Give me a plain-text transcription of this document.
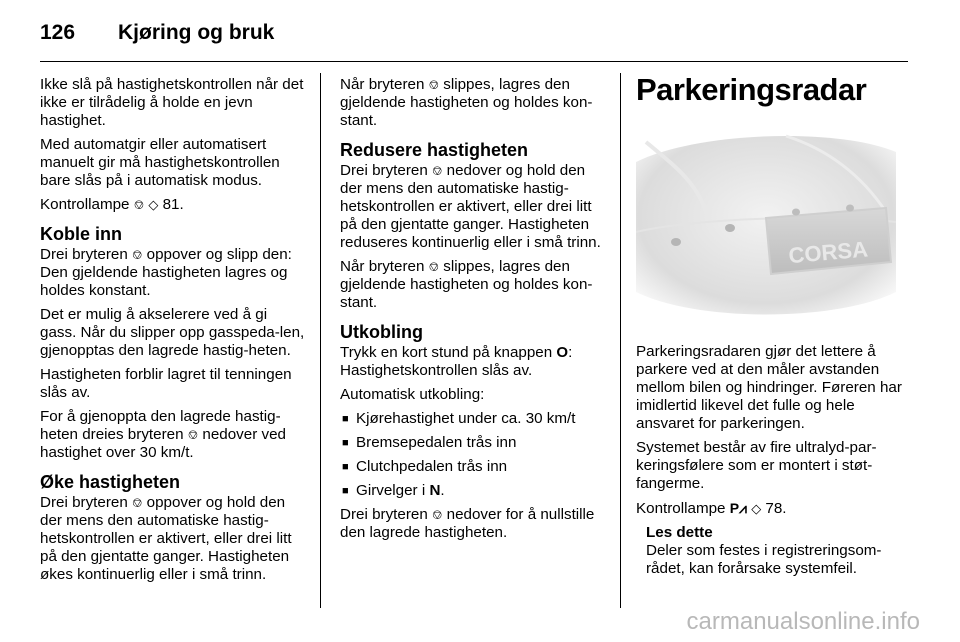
126	Kjøring og bruk

Ikke slå på hastighetskontrollen når det ikke er tilrådelig å holde en jevn hastighet.

Med automatgir eller automatisert manuelt gir må hastighetskontrollen bare slås på i automatisk modus.

Kontrollampe ⎊ ◇ 81.

Koble inn

Drei bryteren ⎊ oppover og slipp den: Den gjeldende hastigheten lagres og holdes konstant.

Det er mulig å akselerere ved å gi gass. Når du slipper opp gasspeda-len, gjenopptas den lagrede hastig-heten.

Hastigheten forblir lagret til tenningen slås av.

For å gjenoppta den lagrede hastig-heten dreies bryteren ⎊ nedover ved hastighet over 30 km/t.

Øke hastigheten

Drei bryteren ⎊ oppover og hold den der mens den automatiske hastig-hetskontrollen er aktivert, eller drei litt på den gjentatte ganger. Hastigheten økes kontinuerlig eller i små trinn.

Når bryteren ⎊ slippes, lagres den gjeldende hastigheten og holdes kon-stant.

Redusere hastigheten

Drei bryteren ⎊ nedover og hold den der mens den automatiske hastig-hetskontrollen er aktivert, eller drei litt på den gjentatte ganger. Hastigheten reduseres kontinuerlig eller i små trinn.

Når bryteren ⎊ slippes, lagres den gjeldende hastigheten og holdes kon-stant.

Utkobling

Trykk en kort stund på knappen O: Hastighetskontrollen slås av.

Automatisk utkobling:

■ Kjørehastighet under ca. 30 km/t
■ Bremsepedalen trås inn
■ Clutchpedalen trås inn
■ Girvelger i N.

Drei bryteren ⎊ nedover for å nullstille den lagrede hastigheten.

Parkeringsradar
CORSA

Parkeringsradaren gjør det lettere å parkere ved at den måler avstanden mellom bilen og hindringer. Føreren har imidlertid likevel det fulle og hele ansvaret for parkeringen.

Systemet består av fire ultralyd-par-keringsfølere som er montert i støt-fangerme.

Kontrollampe P⩘ ◇ 78.

Les dette
Deler som festes i registreringsom-rådet, kan forårsake systemfeil.
carmanualsonline.info
